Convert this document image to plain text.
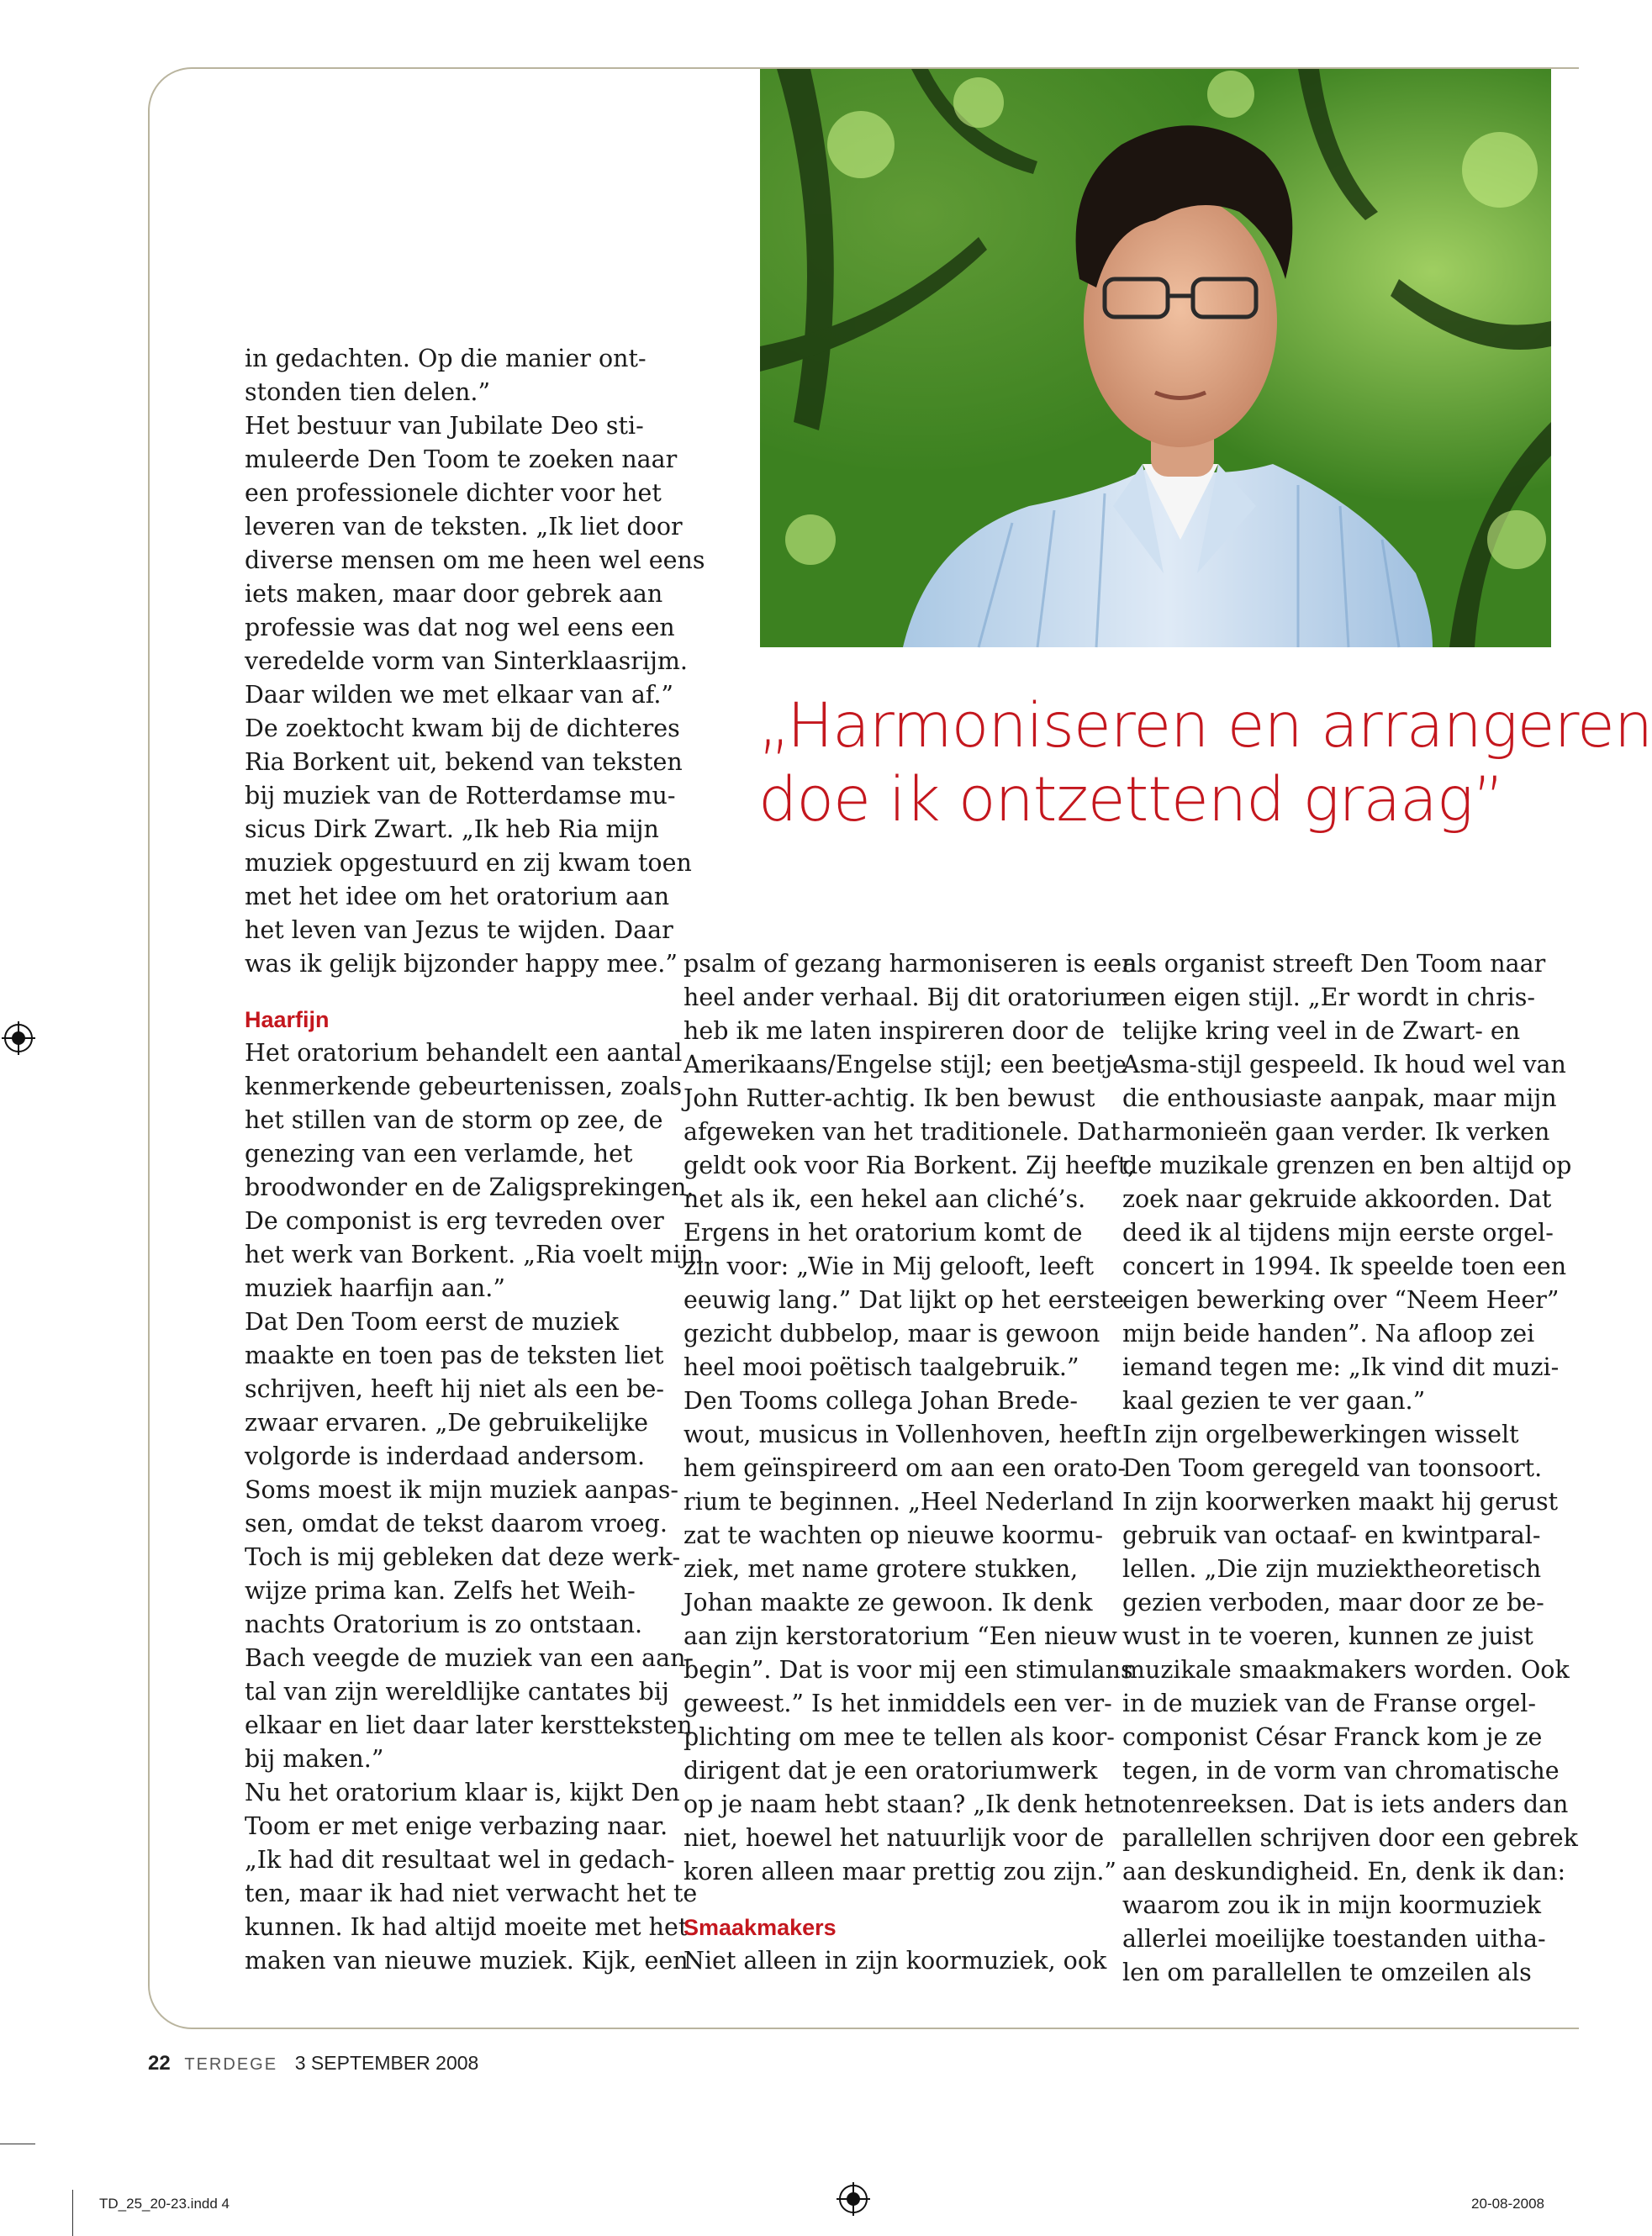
„Harmoniseren en arrangeren
doe ik ontzettend graag”
in gedachten. Op die manier ont-
stonden tien delen.”
Het bestuur van Jubilate Deo sti-
muleerde Den Toom te zoeken naar
een professionele dichter voor het
leveren van de teksten. „Ik liet door
diverse mensen om me heen wel eens
iets maken, maar door gebrek aan
professie was dat nog wel eens een
veredelde vorm van Sinterklaasrijm.
Daar wilden we met elkaar van af.”
De zoektocht kwam bij de dichteres
Ria Borkent uit, bekend van teksten
bij muziek van de Rotterdamse mu-
sicus Dirk Zwart. „Ik heb Ria mijn
muziek opgestuurd en zij kwam toen
met het idee om het oratorium aan
het leven van Jezus te wijden. Daar
was ik gelijk bijzonder happy mee.”
Haarfijn
Het oratorium behandelt een aantal
kenmerkende gebeurtenissen, zoals
het stillen van de storm op zee, de
genezing van een verlamde, het
broodwonder en de Zaligsprekingen.
De componist is erg tevreden over
het werk van Borkent. „Ria voelt mijn
muziek haarfijn aan.”
Dat Den Toom eerst de muziek
maakte en toen pas de teksten liet
schrijven, heeft hij niet als een be-
zwaar ervaren. „De gebruikelijke
volgorde is inderdaad andersom.
Soms moest ik mijn muziek aanpas-
sen, omdat de tekst daarom vroeg.
Toch is mij gebleken dat deze werk-
wijze prima kan. Zelfs het Weih-
nachts Oratorium is zo ontstaan.
Bach veegde de muziek van een aan-
tal van zijn wereldlijke cantates bij
elkaar en liet daar later kerstteksten
bij maken.”
Nu het oratorium klaar is, kijkt Den
Toom er met enige verbazing naar.
„Ik had dit resultaat wel in gedach-
ten, maar ik had niet verwacht het te
kunnen. Ik had altijd moeite met het
maken van nieuwe muziek. Kijk, een
psalm of gezang harmoniseren is een
heel ander verhaal. Bij dit oratorium
heb ik me laten inspireren door de
Amerikaans/Engelse stijl; een beetje
John Rutter-achtig. Ik ben bewust
afgeweken van het traditionele. Dat
geldt ook voor Ria Borkent. Zij heeft,
net als ik, een hekel aan cliché’s.
Ergens in het oratorium komt de
zin voor: „Wie in Mij gelooft, leeft
eeuwig lang.” Dat lijkt op het eerste
gezicht dubbelop, maar is gewoon
heel mooi poëtisch taalgebruik.”
Den Tooms collega Johan Brede-
wout, musicus in Vollenhoven, heeft
hem geïnspireerd om aan een orato-
rium te beginnen. „Heel Nederland
zat te wachten op nieuwe koormu-
ziek, met name grotere stukken,
Johan maakte ze gewoon. Ik denk
aan zijn kerstoratorium “Een nieuw
begin”. Dat is voor mij een stimulans
geweest.” Is het inmiddels een ver-
plichting om mee te tellen als koor-
dirigent dat je een oratoriumwerk
op je naam hebt staan? „Ik denk het
niet, hoewel het natuurlijk voor de
koren alleen maar prettig zou zijn.”
Smaakmakers
Niet alleen in zijn koormuziek, ook
als organist streeft Den Toom naar
een eigen stijl. „Er wordt in chris-
telijke kring veel in de Zwart- en
Asma-stijl gespeeld. Ik houd wel van
die enthousiaste aanpak, maar mijn
harmonieën gaan verder. Ik verken
de muzikale grenzen en ben altijd op
zoek naar gekruide akkoorden. Dat
deed ik al tijdens mijn eerste orgel-
concert in 1994. Ik speelde toen een
eigen bewerking over “Neem Heer”
mijn beide handen”. Na afloop zei
iemand tegen me: „Ik vind dit muzi-
kaal gezien te ver gaan.”
In zijn orgelbewerkingen wisselt
Den Toom geregeld van toonsoort.
In zijn koorwerken maakt hij gerust
gebruik van octaaf- en kwintparal-
lellen. „Die zijn muziektheoretisch
gezien verboden, maar door ze be-
wust in te voeren, kunnen ze juist
muzikale smaakmakers worden. Ook
in de muziek van de Franse orgel-
componist César Franck kom je ze
tegen, in de vorm van chromatische
notenreeksen. Dat is iets anders dan
parallellen schrijven door een gebrek
aan deskundigheid. En, denk ik dan:
waarom zou ik in mijn koormuziek
allerlei moeilijke toestanden uitha-
len om parallellen te omzeilen als
22 TERDEGE 3 SEPTEMBER 2008
TD_25_20-23.indd 4	20-08-2008
